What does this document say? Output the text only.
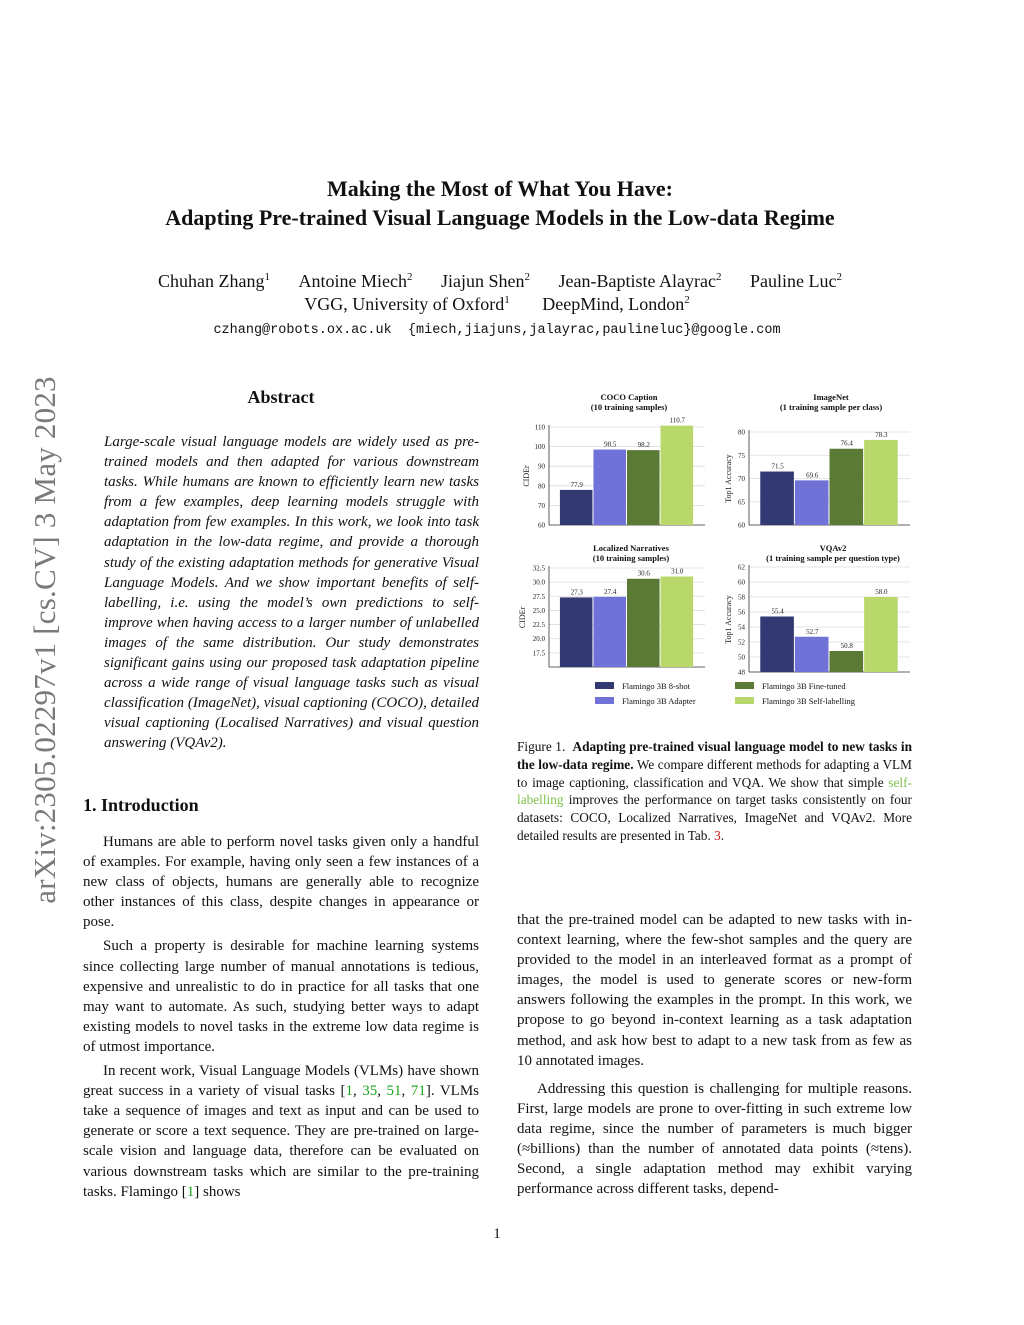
arXiv:2305.02297v1 [cs.CV] 3 May 2023
Making the Most of What You Have:
Adapting Pre-trained Visual Language Models in the Low-data Regime
Chuhan Zhang$^1$ Antoine Miech$^2$ Jiajun Shen$^2$ Jean-Baptiste Alayrac$^2$ Pauline Luc$^2$
VGG, University of Oxford$^1$ DeepMind, London$^2$
czhang@robots.ox.ac.uk  {miech,jiajuns,jalayrac,paulineluc}@google.com
Abstract

Large-scale visual language models are widely used as pre-trained models and then adapted for various downstream tasks. While humans are known to efficiently learn new tasks from a few examples, deep learning models struggle with adaptation from few examples. In this work, we look into task adaptation in the low-data regime, and provide a thorough study of the existing adaptation methods for generative Visual Language Models. And we show important benefits of self-labelling, i.e. using the model’s own predictions to self-improve when having access to a larger number of unlabelled images of the same distribution. Our study demonstrates significant gains using our proposed task adaptation pipeline across a wide range of visual language tasks such as visual classification (ImageNet), visual captioning (COCO), detailed visual captioning (Localised Narratives) and visual question answering (VQAv2).

1. Introduction

Humans are able to perform novel tasks given only a handful of examples. For example, having only seen a few instances of a new class of objects, humans are generally able to recognize other instances of this class, despite changes in appearance or pose.

Such a property is desirable for machine learning systems since collecting large number of manual annotations is tedious, expensive and unrealistic to do in practice for all tasks that one may want to automate. As such, studying better ways to adapt existing models to novel tasks in the extreme low data regime is of utmost importance.

In recent work, Visual Language Models (VLMs) have shown great success in a variety of visual tasks [1, 35, 51, 71]. VLMs take a sequence of images and text as input and can be used to generate or score a text sequence. They are pre-trained on large-scale vision and language data, therefore can be evaluated on various downstream tasks which are similar to the pre-training tasks. Flamingo [1] shows

60
70
80
90
100
110
77.9
98.5	98.2
110.7
COCO Caption
(10 training samples)
CIDEr
60
65
70
75
80
71.5
69.6
76.4
78.3
ImageNet
(1 training sample per class)
Top1 Accuracy
17.5
20.0
22.5
25.0
27.5
30.0
32.5
27.3	27.4
30.6	31.0
Localized Narratives
(10 training samples)
CIDEr
48
50
52
54
56
58
60
62
55.4
52.7
50.8
58.0
VQAv2
(1 training sample per question type)
Top1 Accuracy
Flamingo 3B 8-shot	Flamingo 3B Fine-tuned
Flamingo 3B Adapter	Flamingo 3B Self-labelling

Figure 1. Adapting pre-trained visual language model to new tasks in the low-data regime. We compare different methods for adapting a VLM to image captioning, classification and VQA. We show that simple self-labelling improves the performance on target tasks consistently on four datasets: COCO, Localized Narratives, ImageNet and VQAv2. More detailed results are presented in Tab. 3.

that the pre-trained model can be adapted to new tasks with in-context learning, where the few-shot samples and the query are provided to the model in an interleaved format as a prompt of images, the model is used to generate scores or new-form answers following the examples in the prompt. In this work, we propose to go beyond in-context learning as a task adaptation method, and ask how best to adapt to a new task from as few as 10 annotated images.

Addressing this question is challenging for multiple reasons. First, large models are prone to over-fitting in such extreme low data regime, since the number of parameters is much bigger (≈billions) than the number of annotated data points (≈tens). Second, a single adaptation method may exhibit varying performance across different tasks, depend-

1
